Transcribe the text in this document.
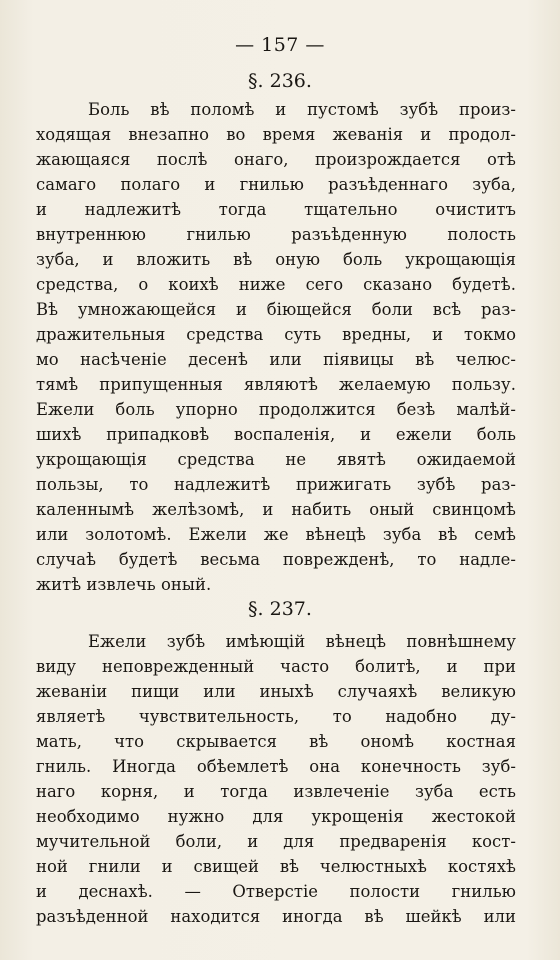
— 157 —
§. 236.
Боль вѣ поломѣ и пустомѣ зубѣ произ-
ходящая внезапно во время жеванія и продол-
жающаяся послѣ онаго, произрождается отѣ
самаго полаго и гнилью разъѣденнаго зуба,
и надлежитѣ тогда тщательно очиститъ
внутреннюю гнилью разъѣденную полость
зуба, и вложить вѣ оную боль укрощающія
средства, о коихѣ ниже сего сказано будетѣ.
Вѣ умножающейся и біющейся боли всѣ раз-
дражительныя средства суть вредны, и токмо
мо насѣченіе десенѣ или піявицы вѣ челюс-
тямѣ припущенныя являютѣ желаемую пользу.
Ежели боль упорно продолжится безѣ малѣй-
шихѣ припадковѣ воспаленія, и ежели боль
укрощающія средства не явятѣ ожидаемой
пользы, то надлежитѣ прижигать зубѣ раз-
каленнымѣ желѣзомѣ, и набить оный свинцомѣ
или золотомѣ. Ежели же вѣнецѣ зуба вѣ семѣ
случаѣ будетѣ весьма поврежденѣ, то надле-
житѣ извлечь оный.
§. 237.
Ежели зубѣ имѣющій вѣнецѣ повнѣшнему
виду неповрежденный часто болитѣ, и при
жеваніи пищи или иныхѣ случаяхѣ великую
являетѣ чувствительность, то надобно ду-
мать, что скрывается вѣ ономѣ костная
гниль. Иногда обѣемлетѣ она конечность зуб-
наго корня, и тогда извлеченіе зуба есть
необходимо нужно для укрощенія жестокой
мучительной боли, и для предваренія кост-
ной гнили и свищей вѣ челюстныхѣ костяхѣ
и деснахѣ. — Отверстіе полости гнилью
разъѣденной находится иногда вѣ шейкѣ или
